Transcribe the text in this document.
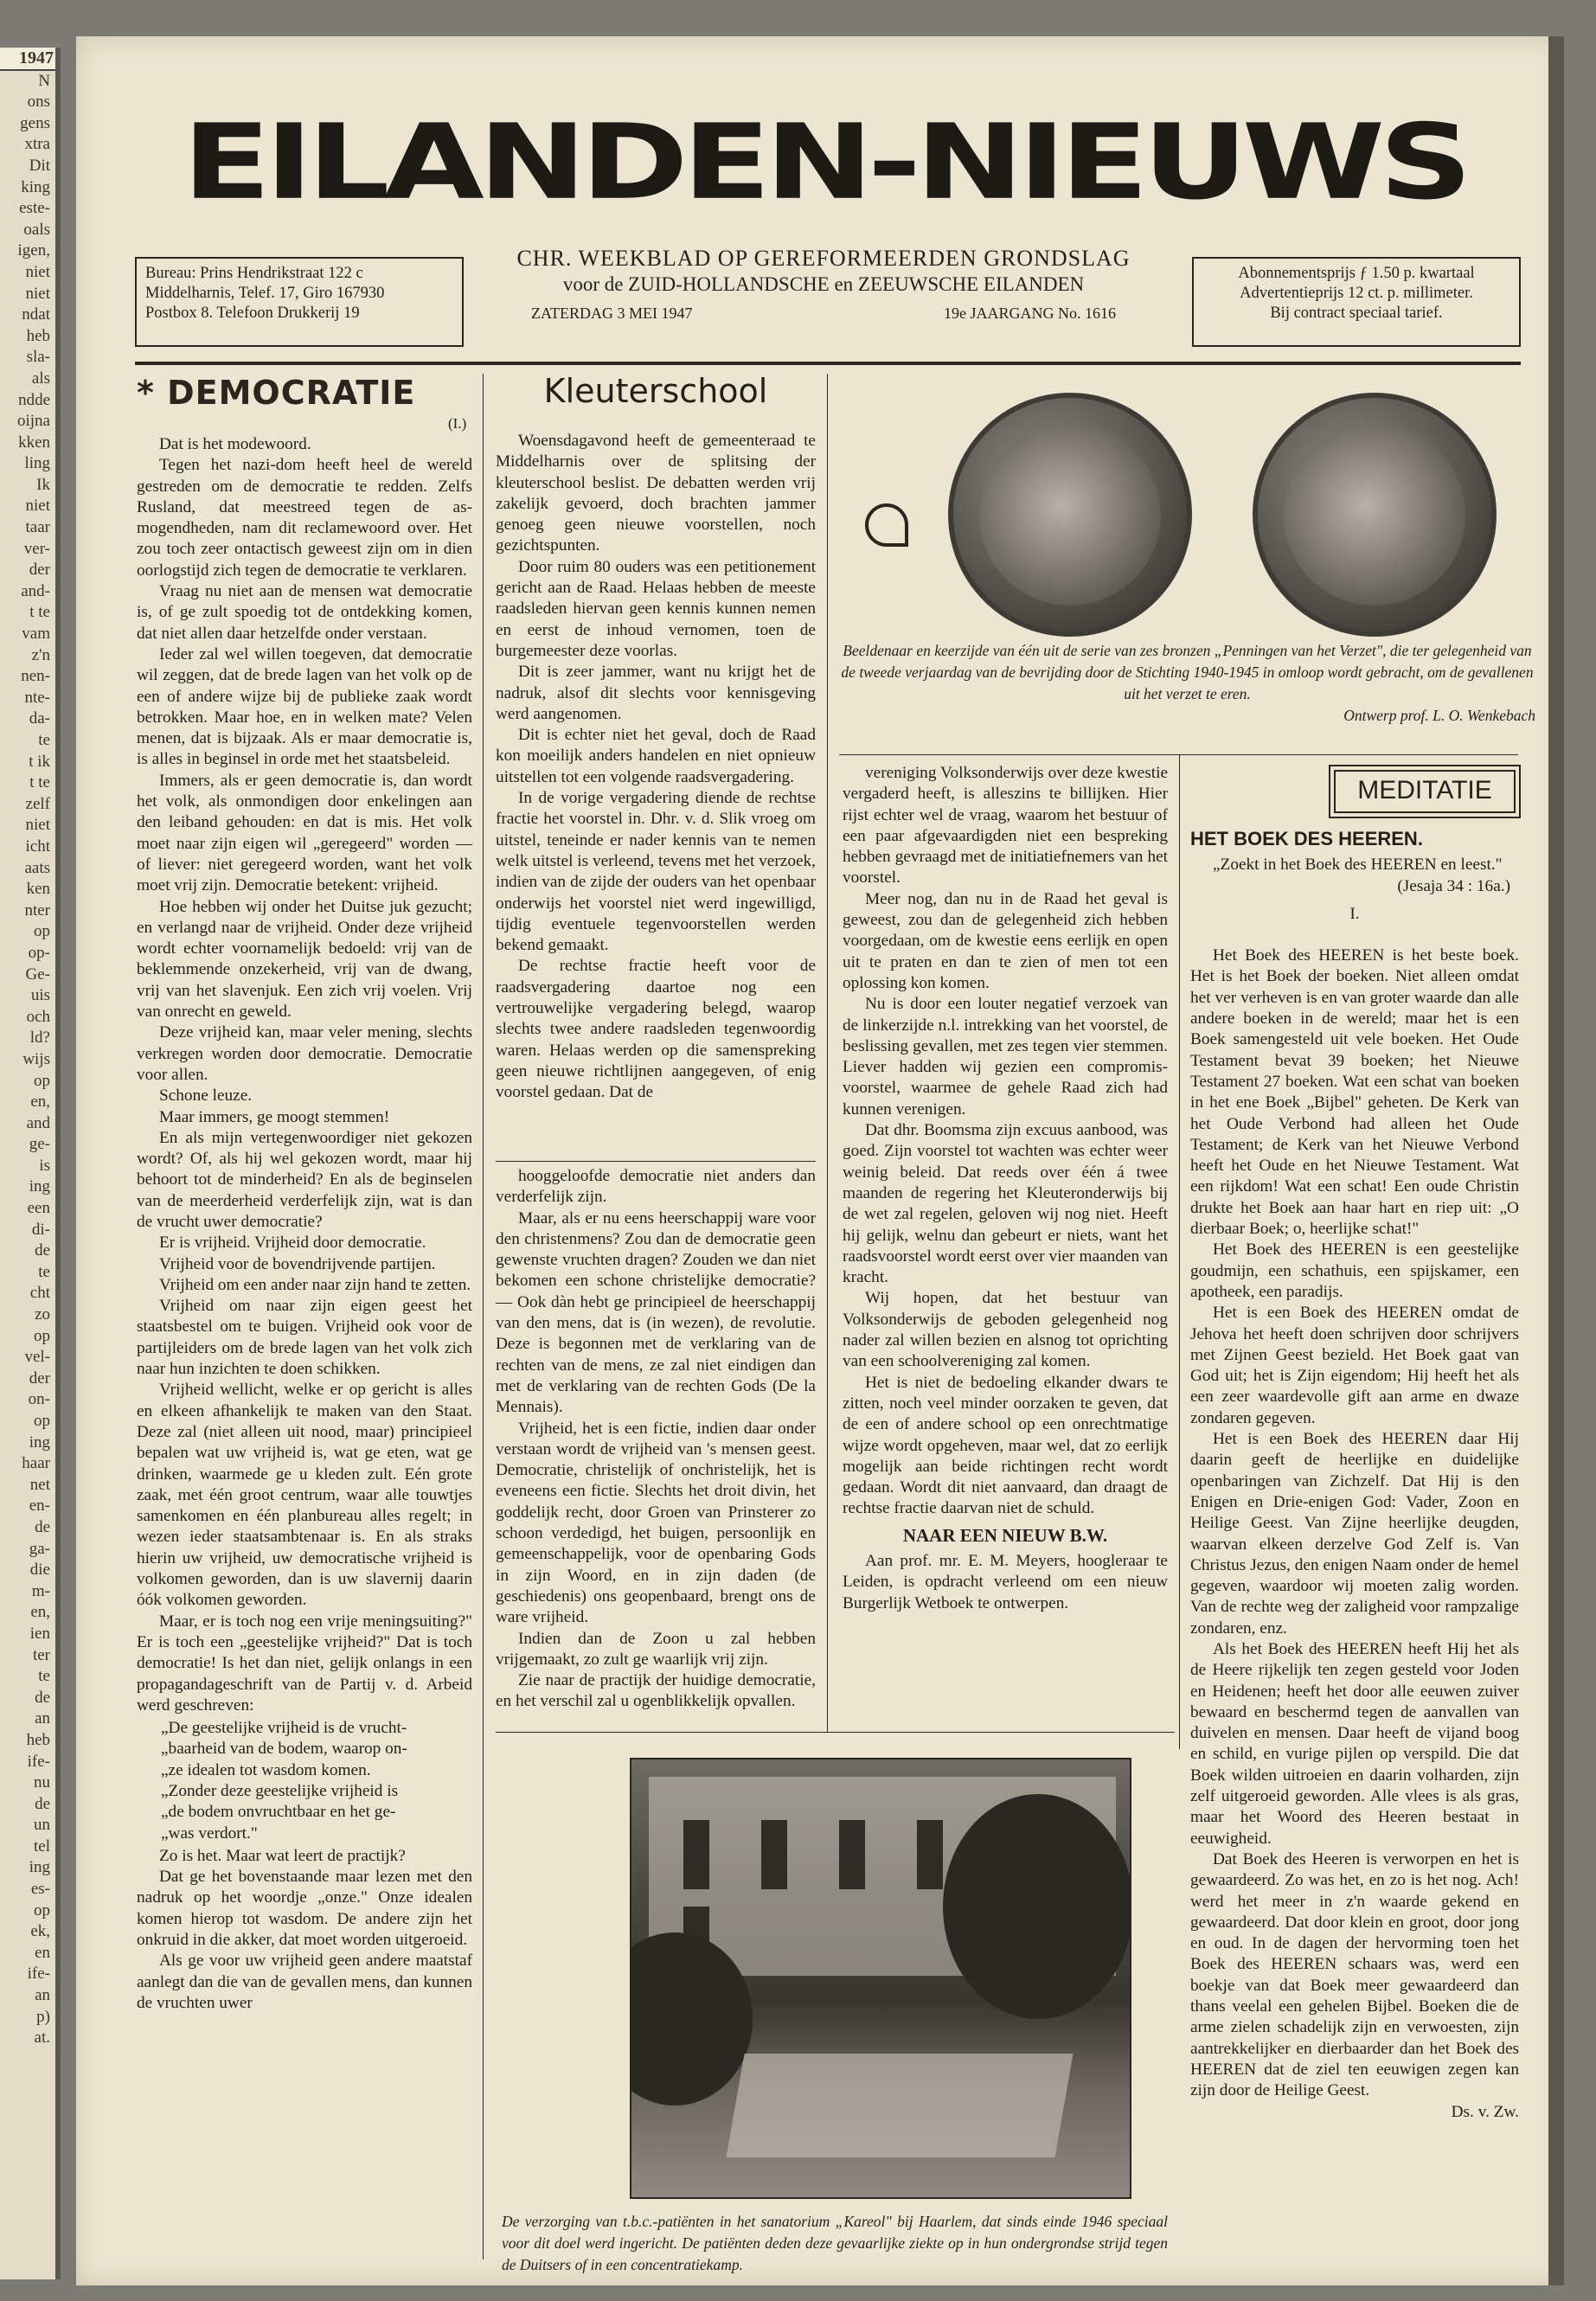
1947
N
ons
gens
xtra
Dit
king
este-
oals
igen,
niet
niet
ndat
heb
sla-
als
ndde
oijna
kken
ling
Ik
niet
taar
ver-
der
and-
t te
vam
z'n
nen-
nte-
da-
te
t ik
t te
zelf
niet
icht
aats
ken
nter
op
op-
Ge-
uis
och
ld?
wijs
op
en,
and
ge-
is
ing
een
di-
de
te
cht
zo
op
vel-
der
on-
op
ing
haar
net
en-
de
ga-
die
m-
en,
ien
ter
te
de
an
heb
ife-
nu
de
un
tel
ing
es-
op
ek,
en
ife-
an
p)
at.
EILANDEN-NIEUWS
Bureau: Prins Hendrikstraat 122 c
Middelharnis, Telef. 17, Giro 167930
Postbox 8. Telefoon Drukkerij 19
CHR. WEEKBLAD OP GEREFORMEERDEN GRONDSLAG
voor de ZUID-HOLLANDSCHE en ZEEUWSCHE EILANDEN
ZATERDAG 3 MEI 1947	19e JAARGANG No. 1616
Abonnementsprijs ƒ 1.50 p. kwartaal
Advertentieprijs 12 ct. p. millimeter.
Bij contract speciaal tarief.
* DEMOCRATIE
(I.)

Dat is het modewoord.

Tegen het nazi-dom heeft heel de wereld gestreden om de democratie te redden. Zelfs Rusland, dat meestreed tegen de as-mogendheden, nam dit reclamewoord over. Het zou toch zeer ontactisch geweest zijn om in dien oorlogstijd zich tegen de democratie te verklaren.

Vraag nu niet aan de mensen wat democratie is, of ge zult spoedig tot de ontdekking komen, dat niet allen daar hetzelfde onder verstaan.

Ieder zal wel willen toegeven, dat democratie wil zeggen, dat de brede lagen van het volk op de een of andere wijze bij de publieke zaak wordt betrokken. Maar hoe, en in welken mate? Velen menen, dat is bijzaak. Als er maar democratie is, is alles in beginsel in orde met het staatsbeleid.

Immers, als er geen democratie is, dan wordt het volk, als onmondigen door enkelingen aan den leiband gehouden: en dat is mis. Het volk moet naar zijn eigen wil „geregeerd" worden — of liever: niet geregeerd worden, want het volk moet vrij zijn. Democratie betekent: vrijheid.

Hoe hebben wij onder het Duitse juk gezucht; en verlangd naar de vrijheid. Onder deze vrijheid wordt echter voornamelijk bedoeld: vrij van de beklemmende onzekerheid, vrij van de dwang, vrij van het slavenjuk. Een zich vrij voelen. Vrij van onrecht en geweld.

Deze vrijheid kan, maar veler mening, slechts verkregen worden door democratie. Democratie voor allen.

Schone leuze.

Maar immers, ge moogt stemmen!

En als mijn vertegenwoordiger niet gekozen wordt? Of, als hij wel gekozen wordt, maar hij behoort tot de minderheid? En als de beginselen van de meerderheid verderfelijk zijn, wat is dan de vrucht uwer democratie?

Er is vrijheid. Vrijheid door democratie.

Vrijheid voor de bovendrijvende partijen.

Vrijheid om een ander naar zijn hand te zetten.

Vrijheid om naar zijn eigen geest het staatsbestel om te buigen. Vrijheid ook voor de partijleiders om de brede lagen van het volk zich naar hun inzichten te doen schikken.

Vrijheid wellicht, welke er op gericht is alles en elkeen afhankelijk te maken van den Staat. Deze zal (niet alleen uit nood, maar) principieel bepalen wat uw vrijheid is, wat ge eten, wat ge drinken, waarmede ge u kleden zult. Eén grote zaak, met één groot centrum, waar alle touwtjes samenkomen en één planbureau alles regelt; in wezen ieder staatsambtenaar is. En als straks hierin uw vrijheid, uw democratische vrijheid is volkomen geworden, dan is uw slavernij daarin óók volkomen geworden.

Maar, er is toch nog een vrije meningsuiting?" Er is toch een „geestelijke vrijheid?" Dat is toch democratie! Is het dan niet, gelijk onlangs in een propagandageschrift van de Partij v. d. Arbeid werd geschreven:

„De geestelijke vrijheid is de vrucht-
„baarheid van de bodem, waarop on-
„ze idealen tot wasdom komen.
„Zonder deze geestelijke vrijheid is
„de bodem onvruchtbaar en het ge-
„was verdort."

Zo is het. Maar wat leert de practijk?

Dat ge het bovenstaande maar lezen met den nadruk op het woordje „onze." Onze idealen komen hierop tot wasdom. De andere zijn het onkruid in die akker, dat moet worden uitgeroeid.

Als ge voor uw vrijheid geen andere maatstaf aanlegt dan die van de gevallen mens, dan kunnen de vruchten uwer

Kleuterschool

Woensdagavond heeft de gemeenteraad te Middelharnis over de splitsing der kleuterschool beslist. De debatten werden vrij zakelijk gevoerd, doch brachten jammer genoeg geen nieuwe voorstellen, noch gezichtspunten.

Door ruim 80 ouders was een petitionement gericht aan de Raad. Helaas hebben de meeste raadsleden hiervan geen kennis kunnen nemen en eerst de inhoud vernomen, toen de burgemeester deze voorlas.

Dit is zeer jammer, want nu krijgt het de nadruk, alsof dit slechts voor kennisgeving werd aangenomen.

Dit is echter niet het geval, doch de Raad kon moeilijk anders handelen en niet opnieuw uitstellen tot een volgende raadsvergadering.

In de vorige vergadering diende de rechtse fractie het voorstel in. Dhr. v. d. Slik vroeg om uitstel, teneinde er nader kennis van te nemen welk uitstel is verleend, tevens met het verzoek, indien van de zijde der ouders van het openbaar onderwijs het voorstel niet werd ingewilligd, tijdig eventuele tegenvoorstellen werden bekend gemaakt.

De rechtse fractie heeft voor de raadsvergadering daartoe nog een vertrouwelijke vergadering belegd, waarop slechts twee andere raadsleden tegenwoordig waren. Helaas werden op die samenspreking geen nieuwe richtlijnen aangegeven, of enig voorstel gedaan. Dat de

hooggeloofde democratie niet anders dan verderfelijk zijn.

Maar, als er nu eens heerschappij ware voor den christenmens? Zou dan de democratie geen gewenste vruchten dragen? Zouden we dan niet bekomen een schone christelijke democratie? — Ook dàn hebt ge principieel de heerschappij van den mens, dat is (in wezen), de revolutie. Deze is begonnen met de verklaring van de rechten van de mens, ze zal niet eindigen dan met de verklaring van de rechten Gods (De la Mennais).

Vrijheid, het is een fictie, indien daar onder verstaan wordt de vrijheid van 's mensen geest. Democratie, christelijk of onchristelijk, het is eveneens een fictie. Slechts het droit divin, het goddelijk recht, door Groen van Prinsterer zo schoon verdedigd, het buigen, persoonlijk en gemeenschappelijk, voor de openbaring Gods in zijn Woord, en in zijn daden (de geschiedenis) ons geopenbaard, brengt ons de ware vrijheid.

Indien dan de Zoon u zal hebben vrijgemaakt, zo zult ge waarlijk vrij zijn.

Zie naar de practijk der huidige democratie, en het verschil zal u ogenblikkelijk opvallen.

Beeldenaar en keerzijde van één uit de serie van zes bronzen „Penningen van het Verzet", die ter gelegenheid van de tweede verjaardag van de bevrijding door de Stichting 1940-1945 in omloop wordt gebracht, om de gevallenen uit het verzet te eren.
Ontwerp prof. L. O. Wenkebach

vereniging Volksonderwijs over deze kwestie vergaderd heeft, is alleszins te billijken. Hier rijst echter wel de vraag, waarom het bestuur of een paar afgevaardigden niet een bespreking hebben gevraagd met de initiatiefnemers van het voorstel.

Meer nog, dan nu in de Raad het geval is geweest, zou dan de gelegenheid zich hebben voorgedaan, om de kwestie eens eerlijk en open uit te praten en dan te zien of men tot een oplossing kon komen.

Nu is door een louter negatief verzoek van de linkerzijde n.l. intrekking van het voorstel, de beslissing gevallen, met zes tegen vier stemmen. Liever hadden wij gezien een compromis-voorstel, waarmee de gehele Raad zich had kunnen verenigen.

Dat dhr. Boomsma zijn excuus aanbood, was goed. Zijn voorstel tot wachten was echter weer weinig beleid. Dat reeds over één á twee maanden de regering het Kleuteronderwijs bij de wet zal regelen, geloven wij nog niet. Heeft hij gelijk, welnu dan gebeurt er niets, want het raadsvoorstel wordt eerst over vier maanden van kracht.

Wij hopen, dat het bestuur van Volksonderwijs de geboden gelegenheid nog nader zal willen bezien en alsnog tot oprichting van een schoolvereniging zal komen.

Het is niet de bedoeling elkander dwars te zitten, noch veel minder oorzaken te geven, dat de een of andere school op een onrechtmatige wijze wordt opgeheven, maar wel, dat zo eerlijk mogelijk aan beide richtingen recht wordt gedaan. Wordt dit niet aanvaard, dan draagt de rechtse fractie daarvan niet de schuld.

NAAR EEN NIEUW B.W.

Aan prof. mr. E. M. Meyers, hoogleraar te Leiden, is opdracht verleend om een nieuw Burgerlijk Wetboek te ontwerpen.

MEDITATIE
HET BOEK DES HEEREN.

„Zoekt in het Boek des HEEREN en leest."

(Jesaja 34 : 16a.)
I.

Het Boek des HEEREN is het beste boek. Het is het Boek der boeken. Niet alleen omdat het ver verheven is en van groter waarde dan alle andere boeken in de wereld; maar het is een Boek samengesteld uit vele boeken. Het Oude Testament bevat 39 boeken; het Nieuwe Testament 27 boeken. Wat een schat van boeken in het ene Boek „Bijbel" geheten. De Kerk van het Oude Verbond had alleen het Oude Testament; de Kerk van het Nieuwe Verbond heeft het Oude en het Nieuwe Testament. Wat een rijkdom! Wat een schat! Een oude Christin drukte het Boek aan haar hart en riep uit: „O dierbaar Boek; o, heerlijke schat!"

Het Boek des HEEREN is een geestelijke goudmijn, een schathuis, een spijskamer, een apotheek, een paradijs.

Het is een Boek des HEEREN omdat de Jehova het heeft doen schrijven door schrijvers met Zijnen Geest bezield. Het Boek gaat van God uit; het is Zijn eigendom; Hij heeft het als een zeer waardevolle gift aan arme en dwaze zondaren gegeven.

Het is een Boek des HEEREN daar Hij daarin geeft de heerlijke en duidelijke openbaringen van Zichzelf. Dat Hij is den Enigen en Drie-enigen God: Vader, Zoon en Heilige Geest. Van Zijne heerlijke deugden, waarvan elkeen derzelve God Zelf is. Van Christus Jezus, den enigen Naam onder de hemel gegeven, waardoor wij moeten zalig worden. Van de rechte weg der zaligheid voor rampzalige zondaren, enz.

Als het Boek des HEEREN heeft Hij het als de Heere rijkelijk ten zegen gesteld voor Joden en Heidenen; heeft het door alle eeuwen zuiver bewaard en beschermd tegen de aanvallen van duivelen en mensen. Daar heeft de vijand boog en schild, en vurige pijlen op verspild. Die dat Boek wilden uitroeien en daarin volharden, zijn zelf uitgeroeid geworden. Alle vlees is als gras, maar het Woord des Heeren bestaat in eeuwigheid.

Dat Boek des Heeren is verworpen en het is gewaardeerd. Zo was het, en zo is het nog. Ach! werd het meer in z'n waarde gekend en gewaardeerd. Dat door klein en groot, door jong en oud. In de dagen der hervorming toen het Boek des HEEREN schaars was, werd een boekje van dat Boek meer gewaardeerd dan thans veelal een gehelen Bijbel. Boeken die de arme zielen schadelijk zijn en verwoesten, zijn aantrekkelijker en dierbaarder dan het Boek des HEEREN dat de ziel ten eeuwigen zegen kan zijn door de Heilige Geest.

Ds. v. Zw.
De verzorging van t.b.c.-patiënten in het sanatorium „Kareol" bij Haarlem, dat sinds einde 1946 speciaal voor dit doel werd ingericht. De patiënten deden deze gevaarlijke ziekte op in hun ondergrondse strijd tegen de Duitsers of in een concentratiekamp.
